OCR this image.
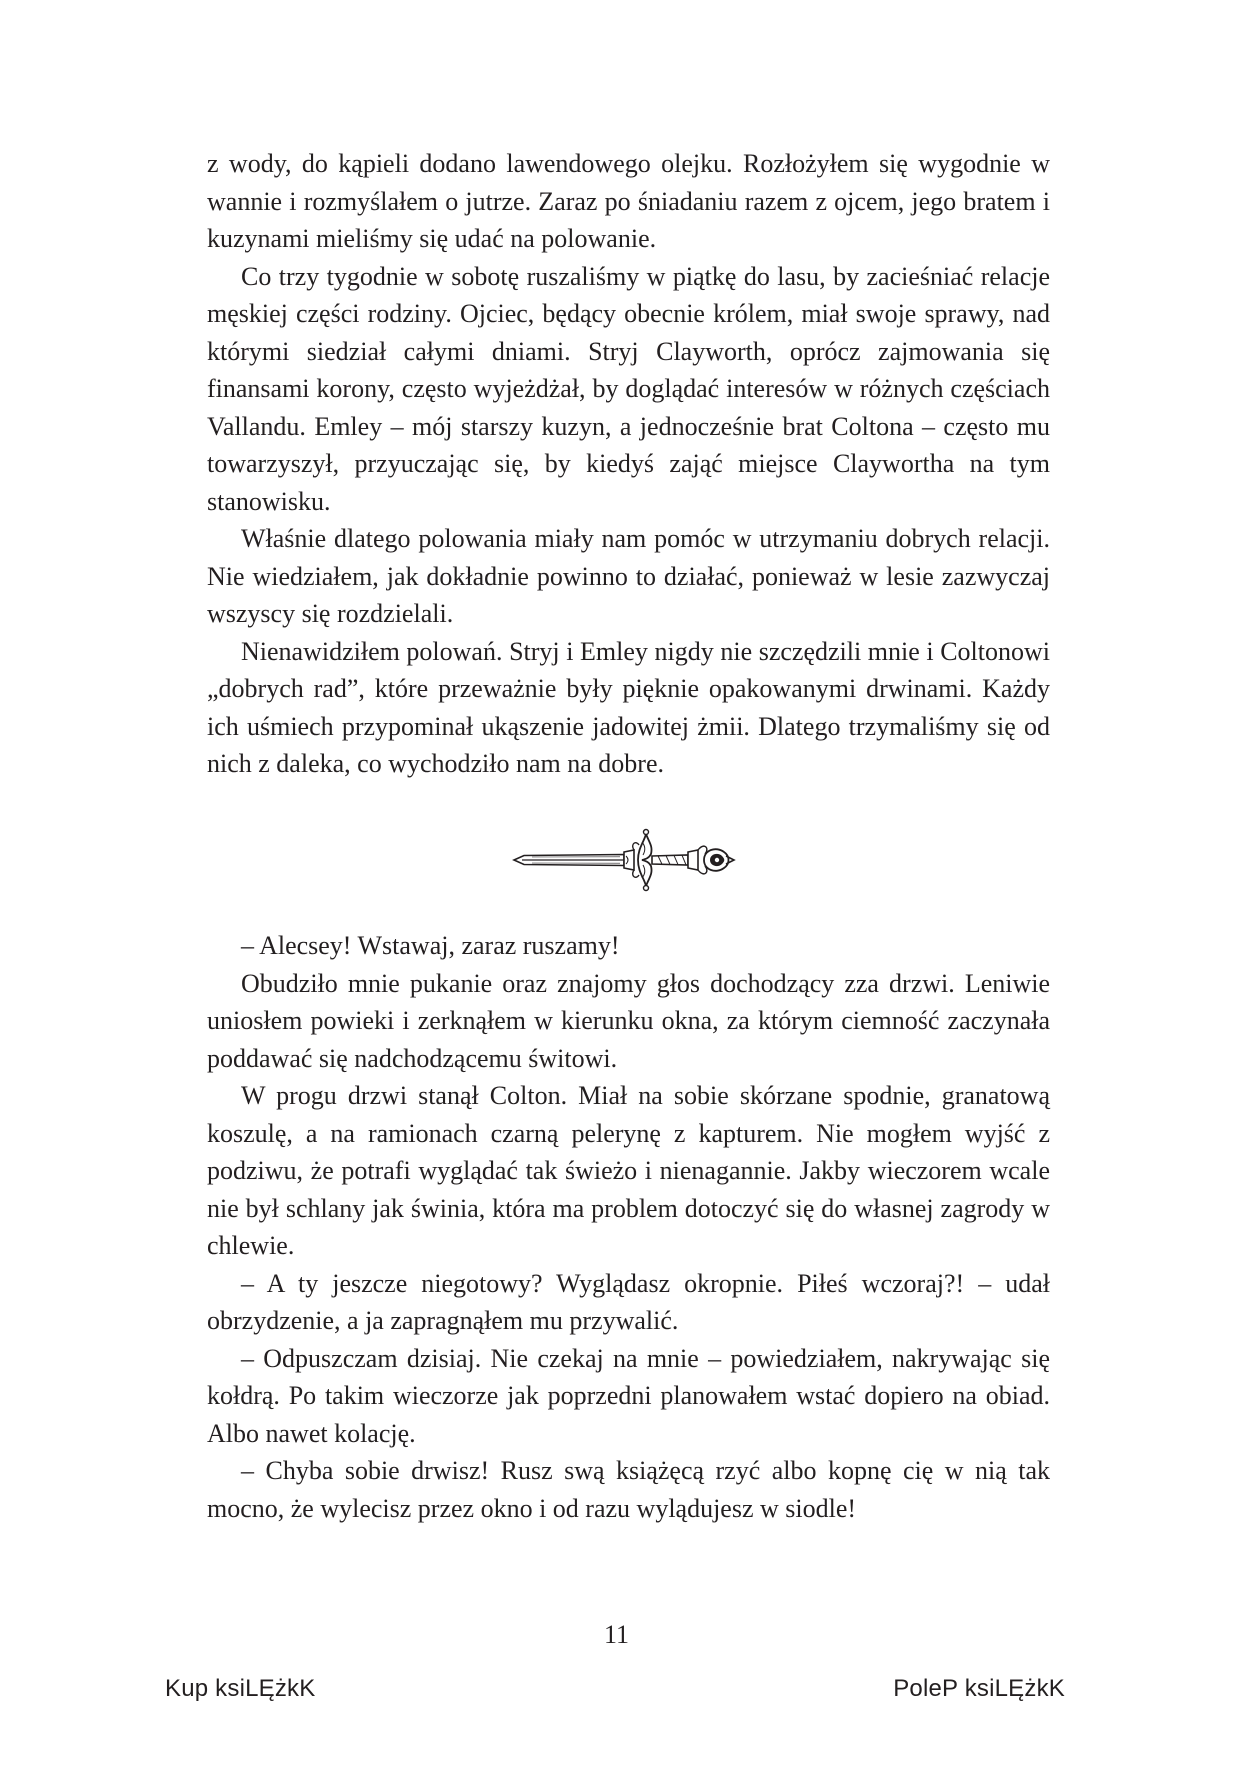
z wody, do kąpieli dodano lawendowego olejku. Rozłożyłem się wygodnie w wannie i rozmyślałem o jutrze. Zaraz po śniadaniu razem z ojcem, jego bratem i kuzynami mieliśmy się udać na polowanie.

Co trzy tygodnie w sobotę ruszaliśmy w piątkę do lasu, by zacieśniać relacje męskiej części rodziny. Ojciec, będący obecnie królem, miał swoje sprawy, nad którymi siedział całymi dniami. Stryj Clayworth, oprócz zajmowania się finansami korony, często wyjeżdżał, by doglądać interesów w różnych częściach Vallandu. Emley – mój starszy kuzyn, a jednocześnie brat Coltona – często mu towarzyszył, przyuczając się, by kiedyś zająć miejsce Claywortha na tym stanowisku.

Właśnie dlatego polowania miały nam pomóc w utrzymaniu dobrych relacji. Nie wiedziałem, jak dokładnie powinno to działać, ponieważ w lesie zazwyczaj wszyscy się rozdzielali.

Nienawidziłem polowań. Stryj i Emley nigdy nie szczędzili mnie i Coltonowi „dobrych rad”, które przeważnie były pięknie opakowanymi drwinami. Każdy ich uśmiech przypominał ukąszenie jadowitej żmii. Dlatego trzymaliśmy się od nich z daleka, co wychodziło nam na dobre.

– Alecsey! Wstawaj, zaraz ruszamy!

Obudziło mnie pukanie oraz znajomy głos dochodzący zza drzwi. Leniwie uniosłem powieki i zerknąłem w kierunku okna, za którym ciemność zaczynała poddawać się nadchodzącemu świtowi.

W progu drzwi stanął Colton. Miał na sobie skórzane spodnie, granatową koszulę, a na ramionach czarną pelerynę z kapturem. Nie mogłem wyjść z podziwu, że potrafi wyglądać tak świeżo i nienagannie. Jakby wieczorem wcale nie był schlany jak świnia, która ma problem dotoczyć się do własnej zagrody w chlewie.

– A ty jeszcze niegotowy? Wyglądasz okropnie. Piłeś wczoraj?! – udał obrzydzenie, a ja zapragnąłem mu przywalić.

– Odpuszczam dzisiaj. Nie czekaj na mnie – powiedziałem, nakrywając się kołdrą. Po takim wieczorze jak poprzedni planowałem wstać dopiero na obiad. Albo nawet kolację.

– Chyba sobie drwisz! Rusz swą książęcą rzyć albo kopnę cię w nią tak mocno, że wylecisz przez okno i od razu wylądujesz w siodle!

11
Kup ksiLĘżkK	PoleP ksiLĘżkK
